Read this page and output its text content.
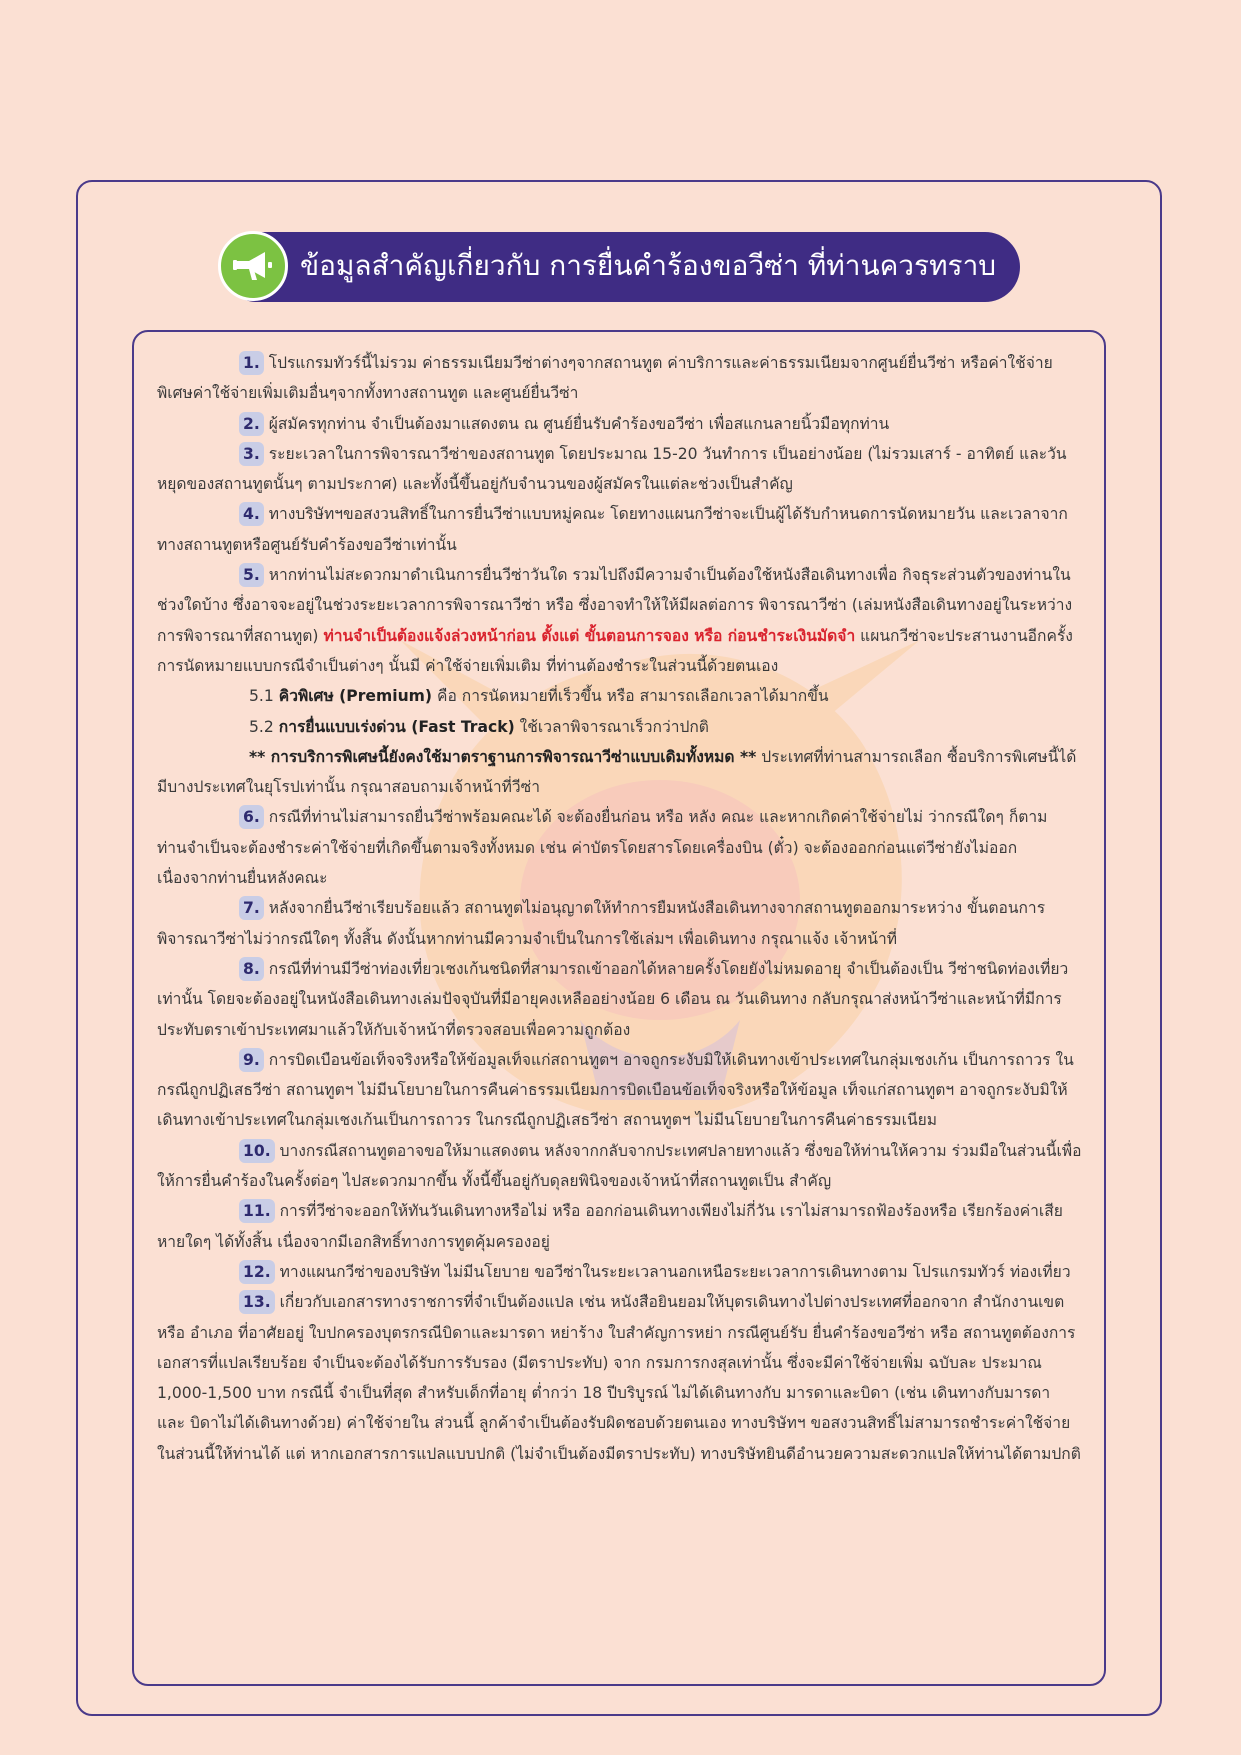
ข้อมูลสำคัญเกี่ยวกับ การยื่นคำร้องขอวีซ่า ที่ท่านควรทราบ

1. โปรแกรมทัวร์นี้ไม่รวม ค่าธรรมเนียมวีซ่าต่างๆจากสถานทูต ค่าบริการและค่าธรรมเนียมจากศูนย์ยื่นวีซ่า หรือค่าใช้จ่ายพิเศษค่าใช้จ่ายเพิ่มเติมอื่นๆจากทั้งทางสถานทูต และศูนย์ยื่นวีซ่า

2. ผู้สมัครทุกท่าน จำเป็นต้องมาแสดงตน ณ ศูนย์ยื่นรับคำร้องขอวีซ่า เพื่อสแกนลายนิ้วมือทุกท่าน

3. ระยะเวลาในการพิจารณาวีซ่าของสถานทูต โดยประมาณ 15-20 วันทำการ เป็นอย่างน้อย (ไม่รวมเสาร์ - อาทิตย์ และวันหยุดของสถานทูตนั้นๆ ตามประกาศ) และทั้งนี้ขึ้นอยู่กับจำนวนของผู้สมัครในแต่ละช่วงเป็นสำคัญ

4. ทางบริษัทฯขอสงวนสิทธิ์ในการยื่นวีซ่าแบบหมู่คณะ โดยทางแผนกวีซ่าจะเป็นผู้ได้รับกำหนดการนัดหมายวัน และเวลาจากทางสถานทูตหรือศูนย์รับคำร้องขอวีซ่าเท่านั้น

5. หากท่านไม่สะดวกมาดำเนินการยื่นวีซ่าวันใด รวมไปถึงมีความจำเป็นต้องใช้หนังสือเดินทางเพื่อ กิจธุระส่วนตัวของท่านในช่วงใดบ้าง ซึ่งอาจจะอยู่ในช่วงระยะเวลาการพิจารณาวีซ่า หรือ ซึ่งอาจทำให้ให้มีผลต่อการ พิจารณาวีซ่า (เล่มหนังสือเดินทางอยู่ในระหว่างการพิจารณาที่สถานทูต) ท่านจำเป็นต้องแจ้งล่วงหน้าก่อน ตั้งแต่ ขั้นตอนการจอง หรือ ก่อนชำระเงินมัดจำ แผนกวีซ่าจะประสานงานอีกครั้ง การนัดหมายแบบกรณีจำเป็นต่างๆ นั้นมี ค่าใช้จ่ายเพิ่มเติม ที่ท่านต้องชำระในส่วนนี้ด้วยตนเอง

5.1 คิวพิเศษ (Premium) คือ การนัดหมายที่เร็วขึ้น หรือ สามารถเลือกเวลาได้มากขึ้น

5.2 การยื่นแบบเร่งด่วน (Fast Track) ใช้เวลาพิจารณาเร็วกว่าปกติ

** การบริการพิเศษนี้ยังคงใช้มาตราฐานการพิจารณาวีซ่าแบบเดิมทั้งหมด ** ประเทศที่ท่านสามารถเลือก ซื้อบริการพิเศษนี้ได้ มีบางประเทศในยุโรปเท่านั้น กรุณาสอบถามเจ้าหน้าที่วีซ่า

6. กรณีที่ท่านไม่สามารถยื่นวีซ่าพร้อมคณะได้ จะต้องยื่นก่อน หรือ หลัง คณะ และหากเกิดค่าใช้จ่ายไม่ ว่ากรณีใดๆ ก็ตาม ท่านจำเป็นจะต้องชำระค่าใช้จ่ายที่เกิดขึ้นตามจริงทั้งหมด เช่น ค่าบัตรโดยสารโดยเครื่องบิน (ตั๋ว) จะต้องออกก่อนแต่วีซ่ายังไม่ออก เนื่องจากท่านยื่นหลังคณะ

7. หลังจากยื่นวีซ่าเรียบร้อยแล้ว สถานทูตไม่อนุญาตให้ทำการยืมหนังสือเดินทางจากสถานทูตออกมาระหว่าง ขั้นตอนการพิจารณาวีซ่าไม่ว่ากรณีใดๆ ทั้งสิ้น ดังนั้นหากท่านมีความจำเป็นในการใช้เล่มฯ เพื่อเดินทาง กรุณาแจ้ง เจ้าหน้าที่

8. กรณีที่ท่านมีวีซ่าท่องเที่ยวเชงเก้นชนิดที่สามารถเข้าออกได้หลายครั้งโดยยังไม่หมดอายุ จำเป็นต้องเป็น วีซ่าชนิดท่องเที่ยวเท่านั้น โดยจะต้องอยู่ในหนังสือเดินทางเล่มปัจจุบันที่มีอายุคงเหลืออย่างน้อย 6 เดือน ณ วันเดินทาง กลับกรุณาส่งหน้าวีซ่าและหน้าที่มีการประทับตราเข้าประเทศมาแล้วให้กับเจ้าหน้าที่ตรวจสอบเพื่อความถูกต้อง

9. การบิดเบือนข้อเท็จจริงหรือให้ข้อมูลเท็จแก่สถานทูตฯ อาจถูกระงับมิให้เดินทางเข้าประเทศในกลุ่มเชงเก้น เป็นการถาวร ในกรณีถูกปฏิเสธวีซ่า สถานทูตฯ ไม่มีนโยบายในการคืนค่าธรรมเนียมการบิดเบือนข้อเท็จจริงหรือให้ข้อมูล เท็จแก่สถานทูตฯ อาจถูกระงับมิให้เดินทางเข้าประเทศในกลุ่มเชงเก้นเป็นการถาวร ในกรณีถูกปฏิเสธวีซ่า สถานทูตฯ ไม่มีนโยบายในการคืนค่าธรรมเนียม

10. บางกรณีสถานทูตอาจขอให้มาแสดงตน หลังจากกลับจากประเทศปลายทางแล้ว ซึ่งขอให้ท่านให้ความ ร่วมมือในส่วนนี้เพื่อให้การยื่นคำร้องในครั้งต่อๆ ไปสะดวกมากขึ้น ทั้งนี้ขึ้นอยู่กับดุลยพินิจของเจ้าหน้าที่สถานทูตเป็น สำคัญ

11. การที่วีซ่าจะออกให้ทันวันเดินทางหรือไม่ หรือ ออกก่อนเดินทางเพียงไม่กี่วัน เราไม่สามารถฟ้องร้องหรือ เรียกร้องค่าเสียหายใดๆ ได้ทั้งสิ้น เนื่องจากมีเอกสิทธิ์ทางการทูตคุ้มครองอยู่

12. ทางแผนกวีซ่าของบริษัท ไม่มีนโยบาย ขอวีซ่าในระยะเวลานอกเหนือระยะเวลาการเดินทางตาม โปรแกรมทัวร์ ท่องเที่ยว

13. เกี่ยวกับเอกสารทางราชการที่จำเป็นต้องแปล เช่น หนังสือยินยอมให้บุตรเดินทางไปต่างประเทศที่ออกจาก สำนักงานเขต หรือ อำเภอ ที่อาศัยอยู่ ใบปกครองบุตรกรณีบิดาและมารดา หย่าร้าง ใบสำคัญการหย่า กรณีศูนย์รับ ยื่นคำร้องขอวีซ่า หรือ สถานทูตต้องการ เอกสารที่แปลเรียบร้อย จำเป็นจะต้องได้รับการรับรอง (มีตราประทับ) จาก กรมการกงสุลเท่านั้น ซึ่งจะมีค่าใช้จ่ายเพิ่ม ฉบับละ ประมาณ 1,000-1,500 บาท กรณีนี้ จำเป็นที่สุด สำหรับเด็กที่อายุ ต่ำกว่า 18 ปีบริบูรณ์ ไม่ได้เดินทางกับ มารดาและบิดา (เช่น เดินทางกับมารดา และ บิดาไม่ได้เดินทางด้วย) ค่าใช้จ่ายใน ส่วนนี้ ลูกค้าจำเป็นต้องรับผิดชอบด้วยตนเอง ทางบริษัทฯ ขอสงวนสิทธิ์ไม่สามารถชำระค่าใช้จ่ายในส่วนนี้ให้ท่านได้ แต่ หากเอกสารการแปลแบบปกติ (ไม่จำเป็นต้องมีตราประทับ) ทางบริษัทยินดีอำนวยความสะดวกแปลให้ท่านได้ตามปกติ
